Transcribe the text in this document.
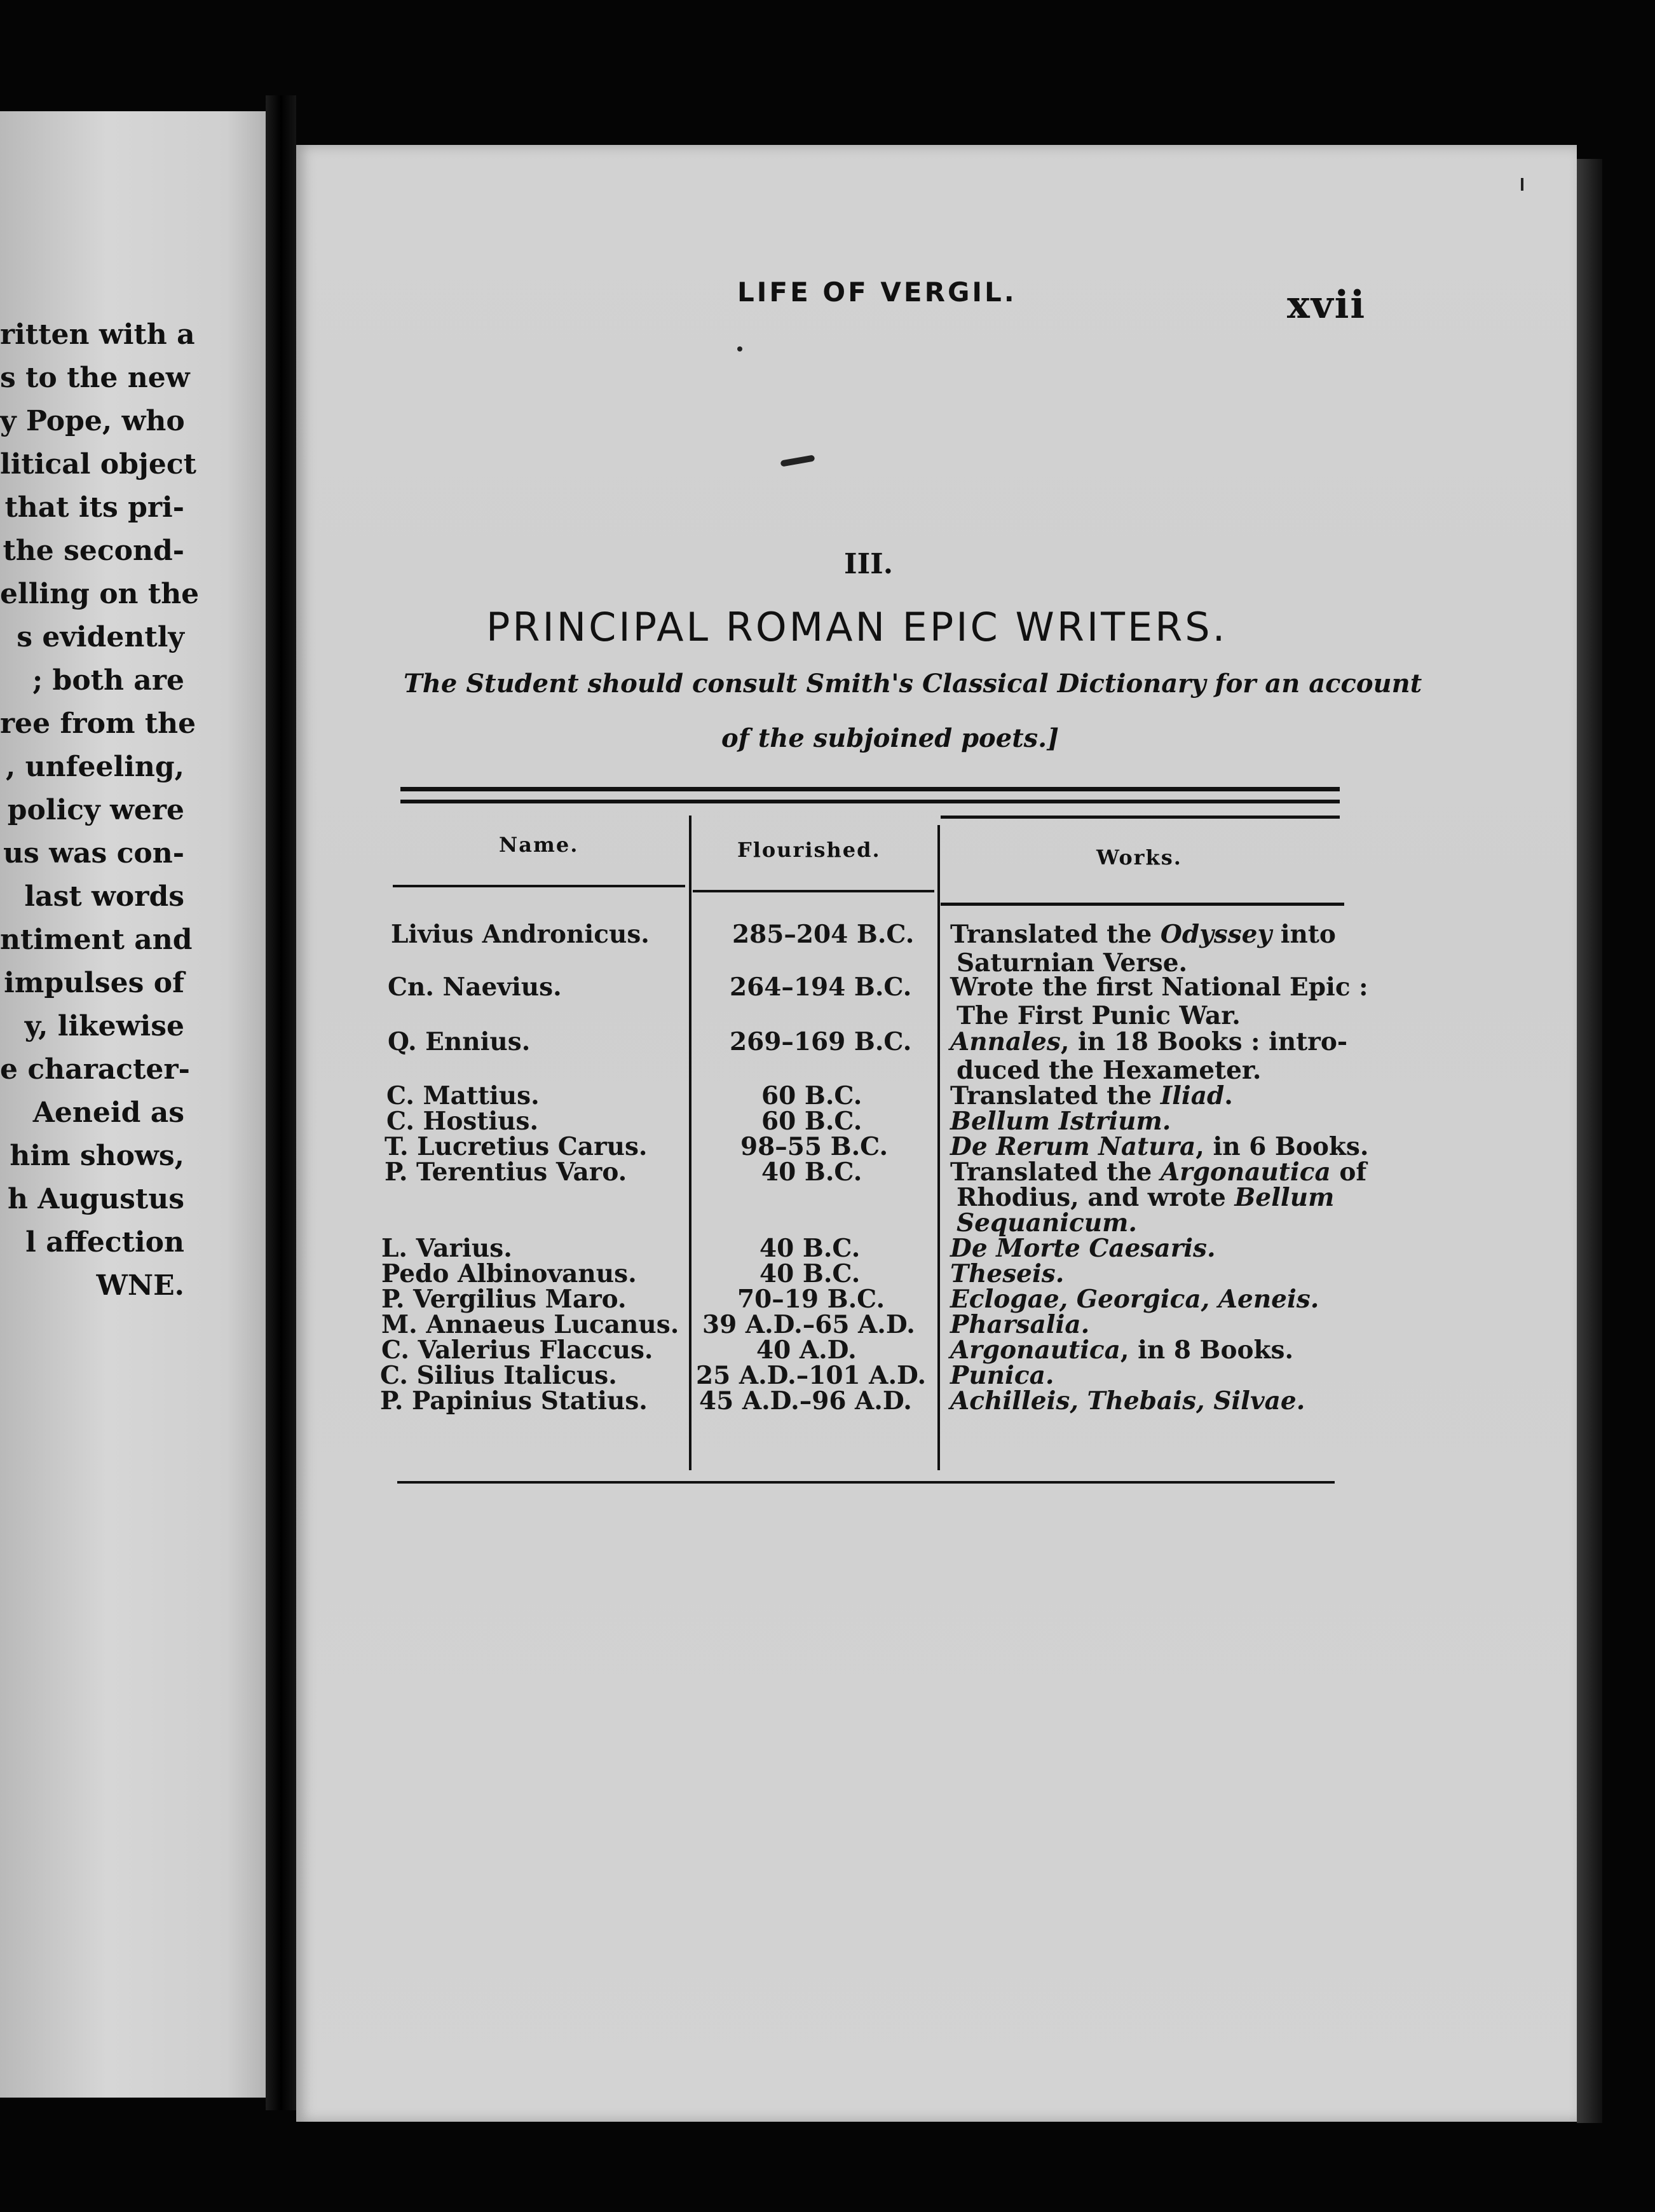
ritten with a
s to the new
y Pope, who
litical object
that its pri-
the second-
elling on the
s evidently
; both are
ree from the
, unfeeling,
policy were
us was con-
last words
ntiment and
impulses of
y, likewise
e character-
Aeneid as
him shows,
h Augustus
l affection
WNE.
LIFE OF VERGIL.	xvii
III.
PRINCIPAL ROMAN EPIC WRITERS.
The Student should consult Smith's Classical Dictionary for an account
of the subjoined poets.]
Name.	Flourished.	Works.
Livius Andronicus.	285–204 B.C. Translated the Odyssey into
Saturnian Verse.
Cn. Naevius.	264–194 B.C. Wrote the first National Epic :
The First Punic War.
Q. Ennius.	269–169 B.C. Annales, in 18 Books : intro-
duced the Hexameter.
C. Mattius.	60 B.C.	Translated the Iliad.
C. Hostius.	60 B.C.	Bellum Istrium.
T. Lucretius Carus.	98–55 B.C.	De Rerum Natura, in 6 Books.
P. Terentius Varo.	40 B.C.	Translated the Argonautica of
Rhodius, and wrote Bellum
Sequanicum.
L. Varius.	40 B.C.	De Morte Caesaris.
Pedo Albinovanus.	40 B.C.	Theseis.
P. Vergilius Maro.	70–19 B.C.	Eclogae, Georgica, Aeneis.
M. Annaeus Lucanus. 39 A.D.–65 A.D. Pharsalia.
C. Valerius Flaccus.	40 A.D.	Argonautica, in 8 Books.
C. Silius Italicus.	25 A.D.–101 A.D. Punica.
P. Papinius Statius. 45 A.D.–96 A.D. Achilleis, Thebais, Silvae.
